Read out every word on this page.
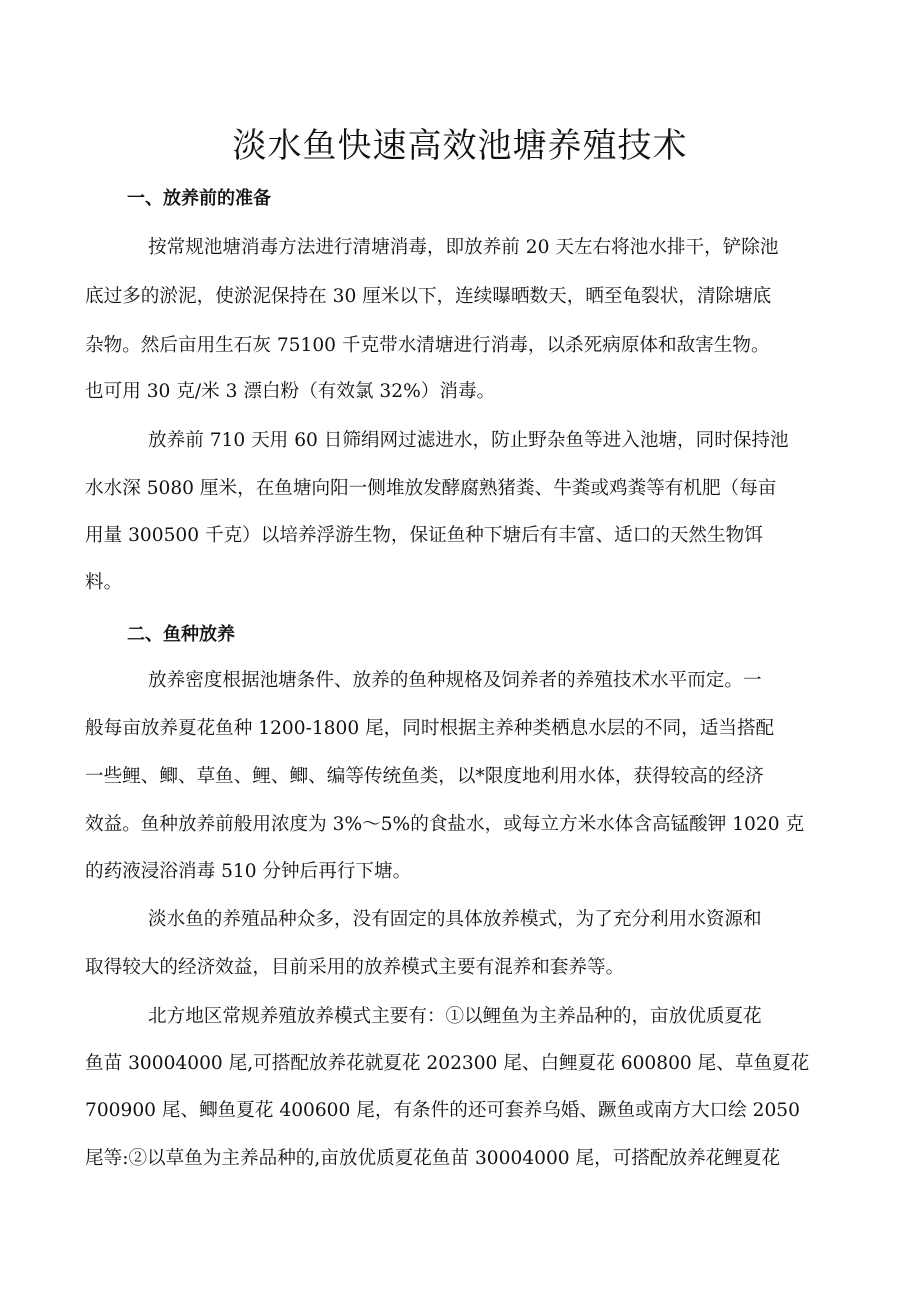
淡水鱼快速高效池塘养殖技术
一、放养前的准备

按常规池塘消毒方法进行清塘消毒，即放养前 20 天左右将池水排干，铲除池

底过多的淤泥，使淤泥保持在 30 厘米以下，连续曝晒数天，晒至龟裂状，清除塘底

杂物。然后亩用生石灰 75100 千克带水清塘进行消毒，以杀死病原体和敌害生物。

也可用 30 克/米 3 漂白粉（有效氯 32%）消毒。

放养前 710 天用 60 日筛绢网过滤进水，防止野杂鱼等进入池塘，同时保持池

水水深 5080 厘米，在鱼塘向阳一侧堆放发酵腐熟猪粪、牛粪或鸡粪等有机肥（每亩

用量 300500 千克）以培养浮游生物，保证鱼种下塘后有丰富、适口的天然生物饵

料。

二、鱼种放养

放养密度根据池塘条件、放养的鱼种规格及饲养者的养殖技术水平而定。一

般每亩放养夏花鱼种 1200-1800 尾，同时根据主养种类栖息水层的不同，适当搭配

一些鲤、鲫、草鱼、鲤、鲫、编等传统鱼类，以*限度地利用水体，获得较高的经济

效益。鱼种放养前般用浓度为 3%～5%的食盐水，或每立方米水体含高锰酸钾 1020 克

的药液浸浴消毒 510 分钟后再行下塘。

淡水鱼的养殖品种众多，没有固定的具体放养模式，为了充分利用水资源和

取得较大的经济效益，目前采用的放养模式主要有混养和套养等。

北方地区常规养殖放养模式主要有：①以鲤鱼为主养品种的，亩放优质夏花

鱼苗 30004000 尾,可搭配放养花就夏花 202300 尾、白鲤夏花 600800 尾、草鱼夏花

700900 尾、鲫鱼夏花 400600 尾，有条件的还可套养乌婚、蹶鱼或南方大口绘 2050

尾等:②以草鱼为主养品种的,亩放优质夏花鱼苗 30004000 尾，可搭配放养花鲤夏花
